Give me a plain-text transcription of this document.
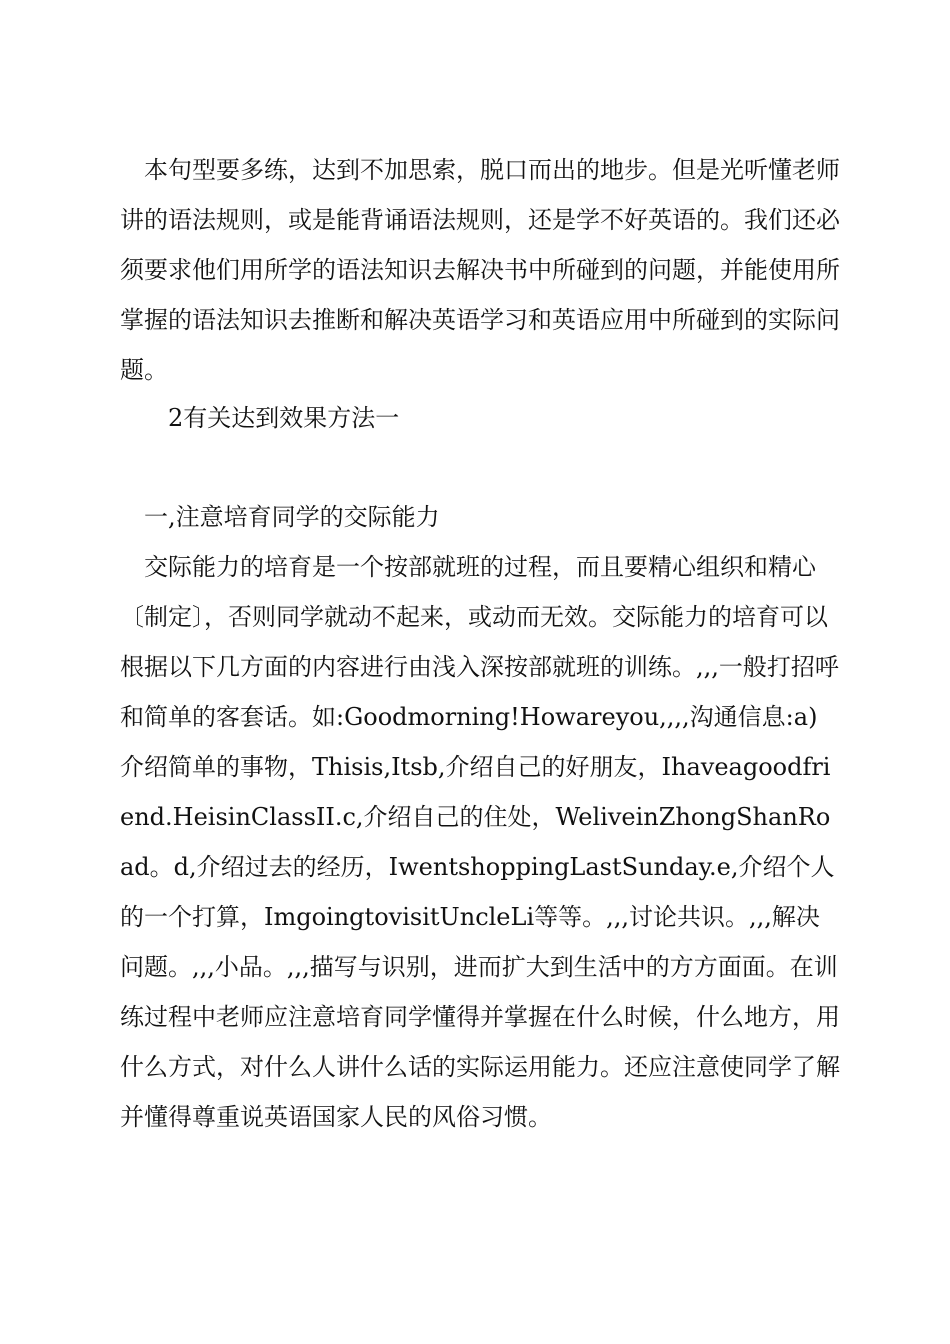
本句型要多练，达到不加思索，脱口而出的地步。但是光听懂老师讲的语法规则，或是能背诵语法规则，还是学不好英语的。我们还必须要求他们用所学的语法知识去解决书中所碰到的问题，并能使用所掌握的语法知识去推断和解决英语学习和英语应用中所碰到的实际问题。
2有关达到效果方法一
一,注意培育同学的交际能力
交际能力的培育是一个按部就班的过程，而且要精心组织和精心〔制定〕，否则同学就动不起来，或动而无效。交际能力的培育可以根据以下几方面的内容进行由浅入深按部就班的训练。,,,一般打招呼和简单的客套话。如:Goodmorning!Howareyou,,,,沟通信息:a)介绍简单的事物，Thisis,Itsb,介绍自己的好朋友，Ihaveagoodfriend.HeisinClassII.c,介绍自己的住处，WeliveinZhongShanRoad。d,介绍过去的经历，IwentshoppingLastSunday.e,介绍个人的一个打算，ImgoingtovisitUncleLi等等。,,,讨论共识。,,,解决问题。,,,小品。,,,描写与识别，进而扩大到生活中的方方面面。在训练过程中老师应注意培育同学懂得并掌握在什么时候，什么地方，用什么方式，对什么人讲什么话的实际运用能力。还应注意使同学了解并懂得尊重说英语国家人民的风俗习惯。
